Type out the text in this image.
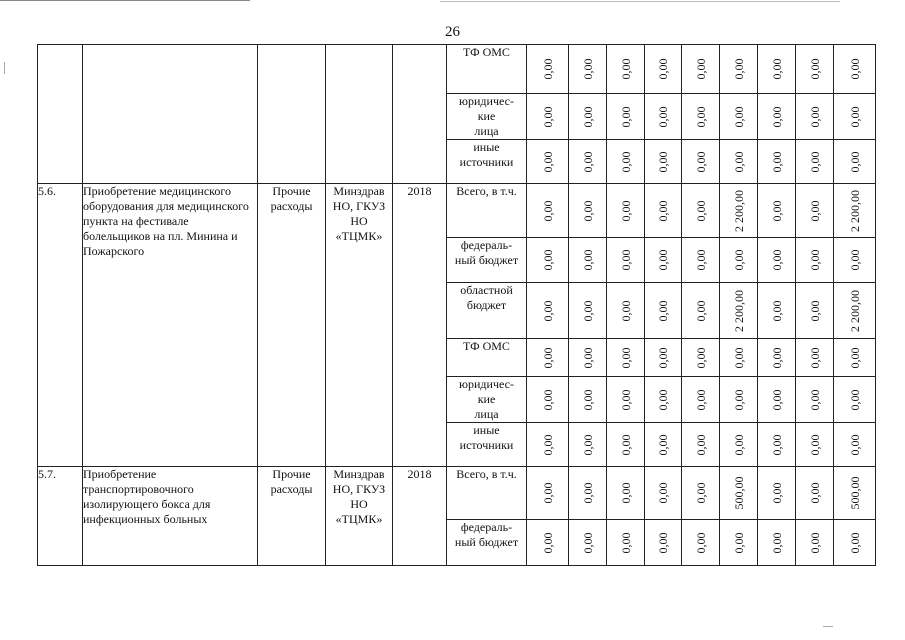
26
					ТФ ОМС	0,00	0,00	0,00	0,00	0,00	0,00	0,00	0,00	0,00

					юридичес-
кие
лица	0,00	0,00	0,00	0,00	0,00	0,00	0,00	0,00	0,00

					иные
источники	0,00	0,00	0,00	0,00	0,00	0,00	0,00	0,00	0,00

5.6.	Приобретение медицинского оборудования для медицинского пункта на фестивале болельщиков на пл. Минина и Пожарского	Прочие расходы	Минздрав НО, ГКУЗ НО «ТЦМК»	2018	Всего, в т.ч.	0,00	0,00	0,00	0,00	0,00	2 200,00	0,00	0,00	2 200,00

					федераль-
ный бюджет	0,00	0,00	0,00	0,00	0,00	0,00	0,00	0,00	0,00

					областной
бюджет	0,00	0,00	0,00	0,00	0,00	2 200,00	0,00	0,00	2 200,00

					ТФ ОМС	0,00	0,00	0,00	0,00	0,00	0,00	0,00	0,00	0,00

					юридичес-
кие
лица	0,00	0,00	0,00	0,00	0,00	0,00	0,00	0,00	0,00

					иные
источники	0,00	0,00	0,00	0,00	0,00	0,00	0,00	0,00	0,00

5.7.	Приобретение транспортировочного изолирующего бокса для инфекционных больных	Прочие расходы	Минздрав НО, ГКУЗ НО «ТЦМК»	2018	Всего, в т.ч.	0,00	0,00	0,00	0,00	0,00	500,00	0,00	0,00	500,00

					федераль-
ный бюджет	0,00	0,00	0,00	0,00	0,00	0,00	0,00	0,00	0,00
